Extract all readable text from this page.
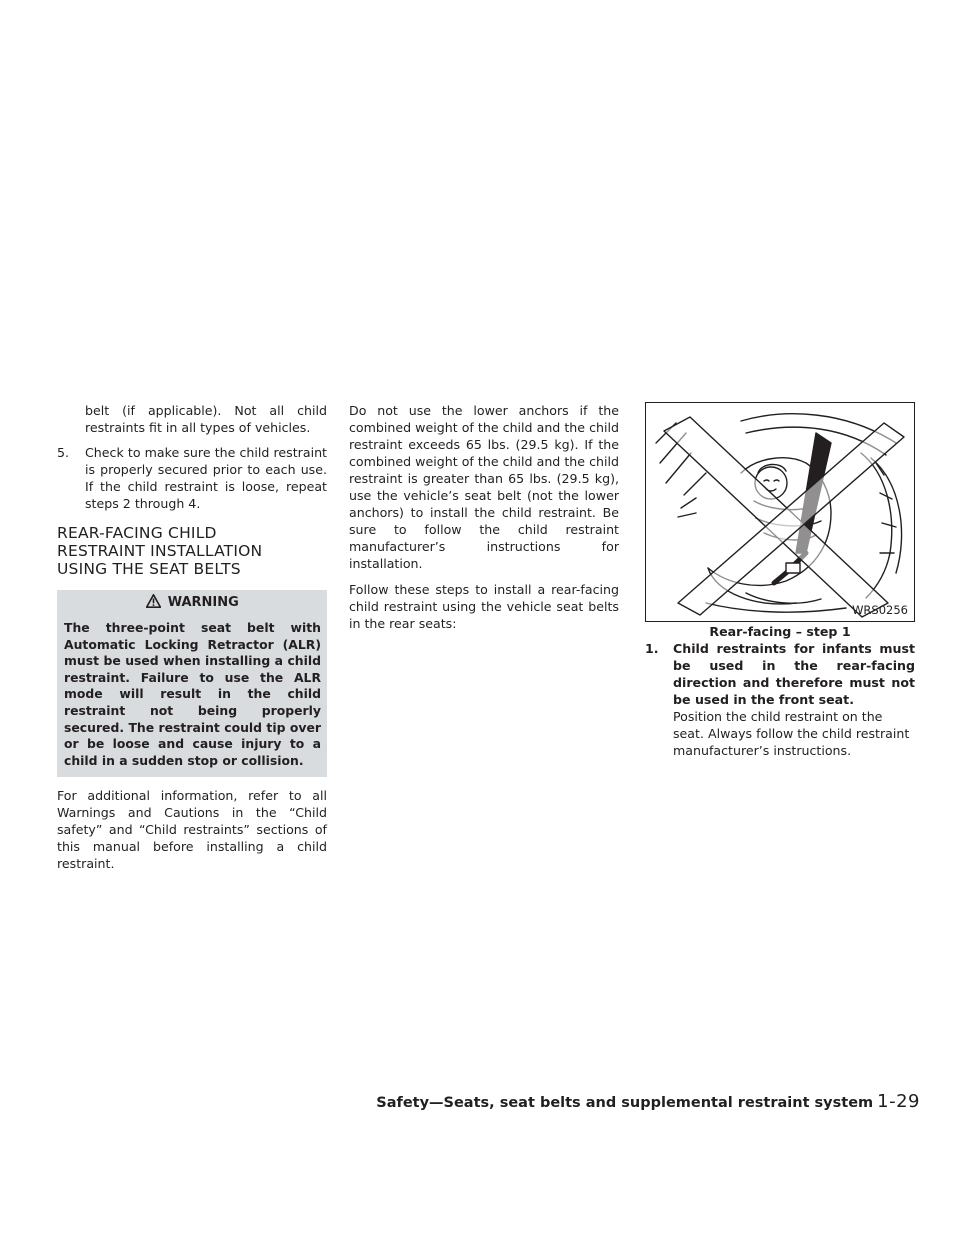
belt (if applicable). Not all child restraints fit in all types of vehicles.

5. Check to make sure the child restraint is properly secured prior to each use. If the child restraint is loose, repeat steps 2 through 4.

REAR-FACING CHILD
RESTRAINT INSTALLATION
USING THE SEAT BELTS
WARNING
The three-point seat belt with Automatic Locking Retractor (ALR) must be used when installing a child restraint. Failure to use the ALR mode will result in the child restraint not being properly secured. The restraint could tip over or be loose and cause injury to a child in a sudden stop or collision.

For additional information, refer to all Warnings and Cautions in the “Child safety” and “Child restraints” sections of this manual before installing a child restraint.

Do not use the lower anchors if the combined weight of the child and the child restraint exceeds 65 lbs. (29.5 kg). If the combined weight of the child and the child restraint is greater than 65 lbs. (29.5 kg), use the vehicle’s seat belt (not the lower anchors) to install the child restraint. Be sure to follow the child restraint manufacturer’s instructions for installation.

Follow these steps to install a rear-facing child restraint using the vehicle seat belts in the rear seats:

WRS0256
Rear-facing – step 1
1. Child restraints for infants must be used in the rear-facing direction and therefore must not be used in the front seat.
Position the child restraint on the seat. Always follow the child restraint manufacturer’s instructions.
Safety—Seats, seat belts and supplemental restraint system 1-29
